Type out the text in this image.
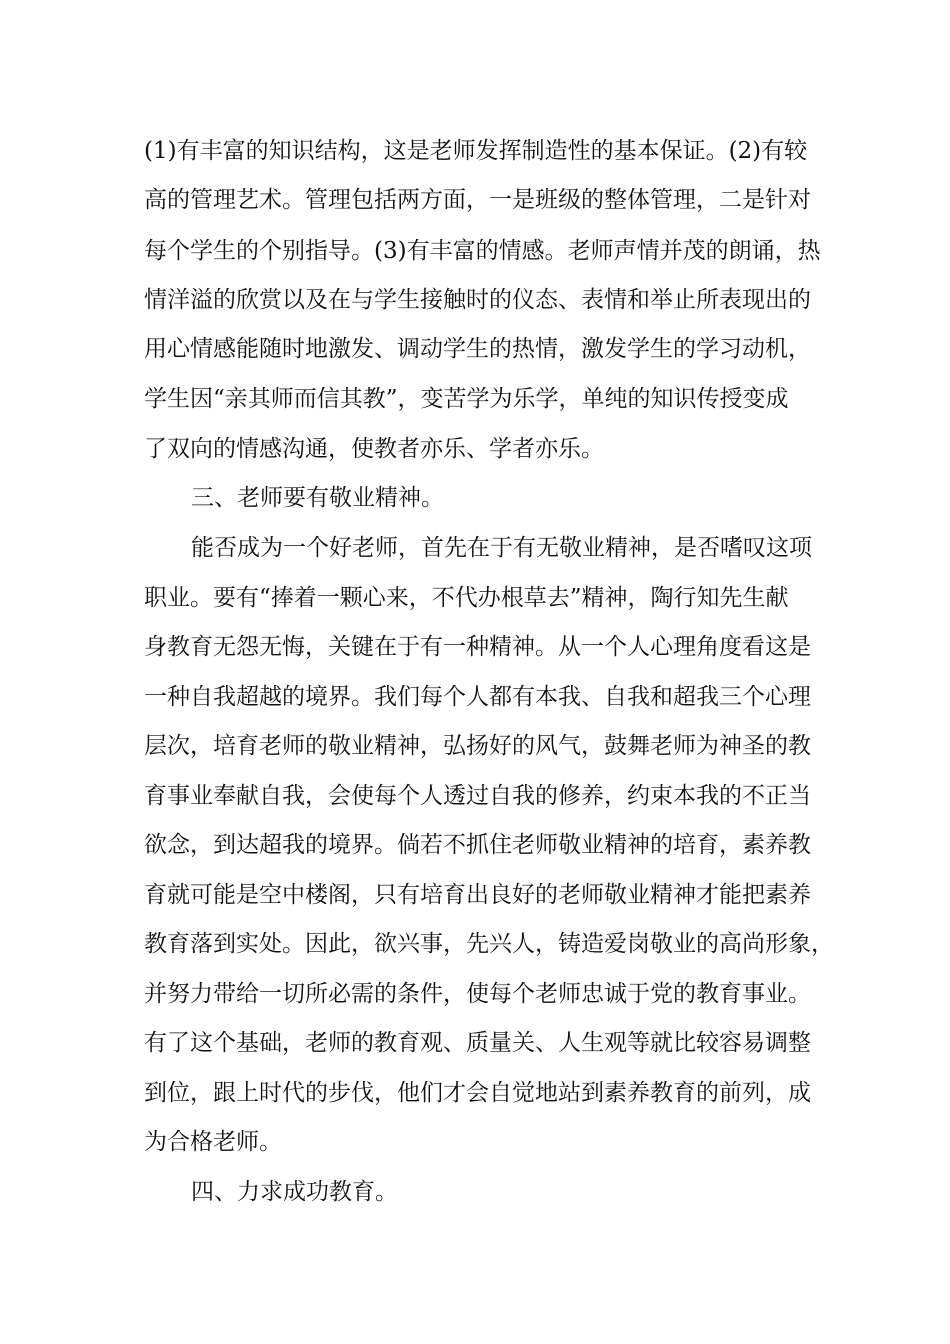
(1)有丰富的知识结构，这是老师发挥制造性的基本保证。(2)有较
高的管理艺术。管理包括两方面，一是班级的整体管理，二是针对
每个学生的个别指导。(3)有丰富的情感。老师声情并茂的朗诵，热
情洋溢的欣赏以及在与学生接触时的仪态、表情和举止所表现出的
用心情感能随时地激发、调动学生的热情，激发学生的学习动机，
学生因“亲其师而信其教”，变苦学为乐学，单纯的知识传授变成
了双向的情感沟通，使教者亦乐、学者亦乐。
三、老师要有敬业精神。
能否成为一个好老师，首先在于有无敬业精神，是否嗜叹这项
职业。要有“捧着一颗心来，不代办根草去”精神，陶行知先生献
身教育无怨无悔，关键在于有一种精神。从一个人心理角度看这是
一种自我超越的境界。我们每个人都有本我、自我和超我三个心理
层次，培育老师的敬业精神，弘扬好的风气，鼓舞老师为神圣的教
育事业奉献自我，会使每个人透过自我的修养，约束本我的不正当
欲念，到达超我的境界。倘若不抓住老师敬业精神的培育，素养教
育就可能是空中楼阁，只有培育出良好的老师敬业精神才能把素养
教育落到实处。因此，欲兴事，先兴人，铸造爱岗敬业的高尚形象，
并努力带给一切所必需的条件，使每个老师忠诚于党的教育事业。
有了这个基础，老师的教育观、质量关、人生观等就比较容易调整
到位，跟上时代的步伐，他们才会自觉地站到素养教育的前列，成
为合格老师。
四、力求成功教育。
